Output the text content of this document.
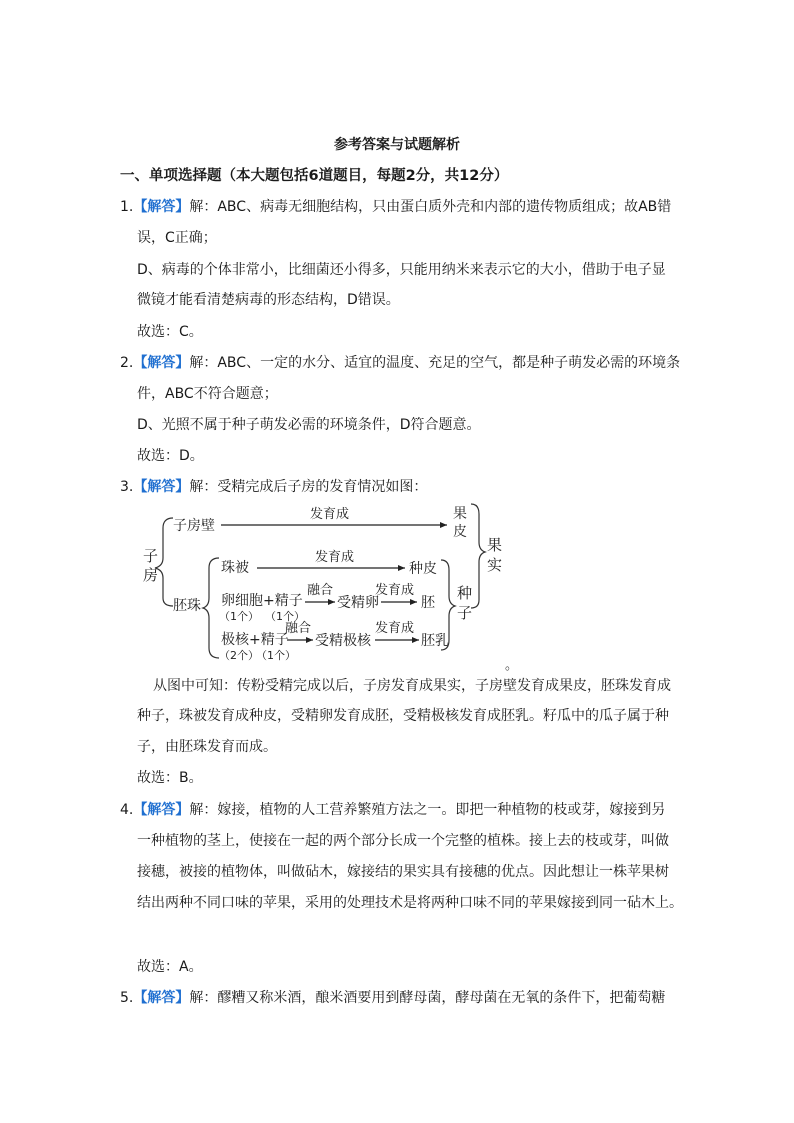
参考答案与试题解析
一、单项选择题（本大题包括6道题目，每题2分，共12分）
1.【解答】解：ABC、病毒无细胞结构，只由蛋白质外壳和内部的遗传物质组成；故AB错
误，C正确；
D、病毒的个体非常小，比细菌还小得多，只能用纳米来表示它的大小，借助于电子显
微镜才能看清楚病毒的形态结构，D错误。
故选：C。
2.【解答】解：ABC、一定的水分、适宜的温度、充足的空气，都是种子萌发必需的环境条
件，ABC不符合题意；
D、光照不属于种子萌发必需的环境条件，D符合题意。
故选：D。
3.【解答】解：受精完成后子房的发育情况如图：
子
房
子房壁
发育成	果
皮
果
实
胚珠
珠被
发育成
种皮
卵细胞+精子
（1个） （1个）
融合
受精卵
发育成
胚
极核+精子
（2个）
（1个）
融合
受精极核
发育成
胚乳
种
子
。
从图中可知：传粉受精完成以后，子房发育成果实，子房壁发育成果皮，胚珠发育成
种子，珠被发育成种皮，受精卵发育成胚，受精极核发育成胚乳。籽瓜中的瓜子属于种
子，由胚珠发育而成。
故选：B。
4.【解答】解：嫁接，植物的人工营养繁殖方法之一。即把一种植物的枝或芽，嫁接到另
一种植物的茎上，使接在一起的两个部分长成一个完整的植株。接上去的枝或芽，叫做
接穗，被接的植物体，叫做砧木，嫁接结的果实具有接穗的优点。因此想让一株苹果树
结出两种不同口味的苹果，采用的处理技术是将两种口味不同的苹果嫁接到同一砧木上。
故选：A。
5.【解答】解：醪糟又称米酒，酿米酒要用到酵母菌，酵母菌在无氧的条件下，把葡萄糖
